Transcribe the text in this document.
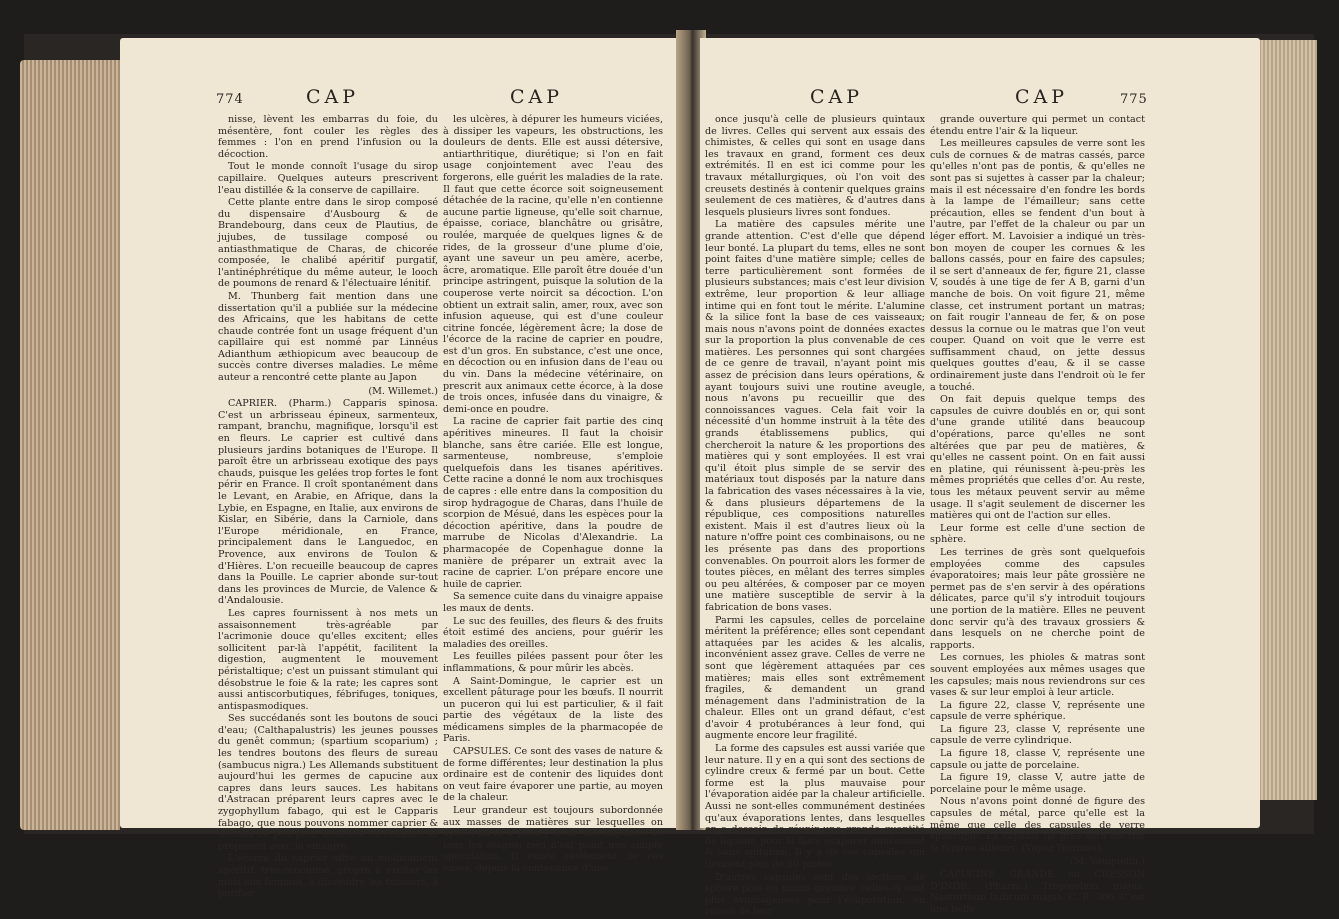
774	CAP	CAP

nisse, lèvent les embarras du foie, du mésentère, font couler les règles des femmes : l'on en prend l'infusion ou la décoction.

Tout le monde connoît l'usage du sirop capillaire. Quelques auteurs prescrivent l'eau distillée & la conserve de capillaire.

Cette plante entre dans le sirop composé du dispensaire d'Ausbourg & de Brandebourg, dans ceux de Plautius, de jujubes, de tussilage composé ou antiasthmatique de Charas, de chicorée composée, le chalibé apéritif purgatif, l'antinéphrétique du même auteur, le looch de poumons de renard & l'électuaire lénitif.

M. Thunberg fait mention dans une dissertation qu'il a publiée sur la médecine des Africains, que les habitans de cette chaude contrée font un usage fréquent d'un capillaire qui est nommé par Linnéus Adianthum æthiopicum avec beaucoup de succès contre diverses maladies. Le même auteur a rencontré cette plante au Japon

(M. Willemet.)

CAPRIER. (Pharm.) Capparis spinosa. C'est un arbrisseau épineux, sarmenteux, rampant, branchu, magnifique, lorsqu'il est en fleurs. Le caprier est cultivé dans plusieurs jardins botaniques de l'Europe. Il paroît être un arbrisseau exotique des pays chauds, puisque les gelées trop fortes le font périr en France. Il croît spontanément dans le Levant, en Arabie, en Afrique, dans la Lybie, en Espagne, en Italie, aux environs de Kislar, en Sibérie, dans la Carniole, dans l'Europe méridionale, en France, principalement dans le Languedoc, en Provence, aux environs de Toulon & d'Hières. L'on recueille beaucoup de capres dans la Pouille. Le caprier abonde sur-tout dans les provinces de Murcie, de Valence & d'Andalousie.

Les capres fournissent à nos mets un assaisonnement très-agréable par l'acrimonie douce qu'elles excitent; elles sollicitent par-là l'appétit, facilitent la digestion, augmentent le mouvement péristaltique; c'est un puissant stimulant qui désobstrue le foie & la rate; les capres sont aussi antiscorbutiques, fébrifuges, toniques, antispasmodiques.

Ses succédanés sont les boutons de souci d'eau; (Calthapalustris) les jeunes pousses du genêt commun; (spartium scoparium) ; les tendres boutons des fleurs de sureau (sambucus nigra.) Les Allemands substituent aujourd'hui les germes de capucine aux capres dans leurs sauces. Les habitans d'Astracan préparent leurs capres avec le zygophyllum fabago, qui est le Capparis fabago, que nous pouvons nommer caprier & feuilles de pourpier. Tous ces succédanés se préparent avec le vinaigre.

L'écorce du caprier offre un médicament apéritif, très-renommé, propre à exciter les mois aux femmes, à dissoudre les tumeurs, à purifier

les ulcères, à dépurer les humeurs viciées, à dissiper les vapeurs, les obstructions, les douleurs de dents. Elle est aussi détersive, antiarthritique, diurétique; si l'on en fait usage conjointement avec l'eau des forgerons, elle guérit les maladies de la rate. Il faut que cette écorce soit soigneusement détachée de la racine, qu'elle n'en contienne aucune partie ligneuse, qu'elle soit charnue, épaisse, coriace, blanchâtre ou grisâtre, roulée, marquée de quelques lignes & de rides, de la grosseur d'une plume d'oie, ayant une saveur un peu amère, acerbe, âcre, aromatique. Elle paroît être douée d'un principe astringent, puisque la solution de la couperose verte noircit sa décoction. L'on obtient un extrait salin, amer, roux, avec son infusion aqueuse, qui est d'une couleur citrine foncée, légèrement âcre; la dose de l'écorce de la racine de caprier en poudre, est d'un gros. En substance, c'est une once, en décoction ou en infusion dans de l'eau ou du vin. Dans la médecine vétérinaire, on prescrit aux animaux cette écorce, à la dose de trois onces, infusée dans du vinaigre, & demi-once en poudre.

La racine de caprier fait partie des cinq apéritives mineures. Il faut la choisir blanche, sans être cariée. Elle est longue, sarmenteuse, nombreuse, s'emploie quelquefois dans les tisanes apéritives. Cette racine a donné le nom aux trochisques de capres : elle entre dans la composition du sirop hydragogue de Charas, dans l'huile de scorpion de Mésué, dans les espèces pour la décoction apéritive, dans la poudre de marrube de Nicolas d'Alexandrie. La pharmacopée de Copenhague donne la manière de préparer un extrait avec la racine de caprier. L'on prépare encore une huile de caprier.

Sa semence cuite dans du vinaigre appaise les maux de dents.

Le suc des feuilles, des fleurs & des fruits étoit estimé des anciens, pour guérir les maladies des oreilles.

Les feuilles pilées passent pour ôter les inflammations, & pour mûrir les abcès.

A Saint-Domingue, le caprier est un excellent pâturage pour les bœufs. Il nourrit un puceron qui lui est particulier, & il fait partie des végétaux de la liste des médicamens simples de la pharmacopée de Paris.

CAPSULES. Ce sont des vases de nature & de forme différentes; leur destination la plus ordinaire est de contenir des liquides dont on veut faire évaporer une partie, au moyen de la chaleur.

Leur grandeur est toujours subordonnée aux masses de matières sur lesquelles on opère; de-là il peut y avoir des capsules de tous les étages; ceci n'est point une simple spéculation. Il existe réellement de ces vases, depuis la contenance d'une

CAP	CAP	775

once jusqu'à celle de plusieurs quintaux de livres. Celles qui servent aux essais des chimistes, & celles qui sont en usage dans les travaux en grand, forment ces deux extrémités. Il en est ici comme pour les travaux métallurgiques, où l'on voit des creusets destinés à contenir quelques grains seulement de ces matières, & d'autres dans lesquels plusieurs livres sont fondues.

La matière des capsules mérite une grande attention. C'est d'elle que dépend leur bonté. La plupart du tems, elles ne sont point faites d'une matière simple; celles de terre particulièrement sont formées de plusieurs substances; mais c'est leur division extrême, leur proportion & leur alliage intime qui en font tout le mérite. L'alumine & la silice font la base de ces vaisseaux; mais nous n'avons point de données exactes sur la proportion la plus convenable de ces matières. Les personnes qui sont chargées de ce genre de travail, n'ayant point mis assez de précision dans leurs opérations, & ayant toujours suivi une routine aveugle, nous n'avons pu recueillir que des connoissances vagues. Cela fait voir la nécessité d'un homme instruit à la tête des grands établissemens publics, qui chercheroit la nature & les proportions des matières qui y sont employées. Il est vrai qu'il étoit plus simple de se servir des matériaux tout disposés par la nature dans la fabrication des vases nécessaires à la vie, & dans plusieurs départemens de la république, ces compositions naturelles existent. Mais il est d'autres lieux où la nature n'offre point ces combinaisons, ou ne les présente pas dans des proportions convenables. On pourroit alors les former de toutes pièces, en mêlant des terres simples ou peu altérées, & composer par ce moyen une matière susceptible de servir à la fabrication de bons vases.

Parmi les capsules, celles de porcelaine méritent la préférence; elles sont cependant attaquées par les acides & les alcalis, inconvénient assez grave. Celles de verre ne sont que légèrement attaquées par ces matières; mais elles sont extrêmement fragiles, & demandent un grand ménagement dans l'administration de la chaleur. Elles ont un grand défaut, c'est d'avoir 4 protubérances à leur fond, qui augmente encore leur fragilité.

La forme des capsules est aussi variée que leur nature. Il y en a qui sont des sections de cylindre creux & fermé par un bout. Cette forme est la plus mauvaise pour l'évaporation aidée par la chaleur artificielle. Aussi ne sont-elles communément destinées qu'aux évaporations lentes, dans lesquelles on a dessein de réunir une grande quantité de liqueur, pour la faire évaporer doucement & sans agitation. Il y a de ces capsules qui tiennent plus de 50 pintes.

D'autres capsules sont des sections de sphère plus ou moins grandes: celles-ci sont plus avantageuses pour l'évaporation, en raison de leur

grande ouverture qui permet un contact étendu entre l'air & la liqueur.

Les meilleures capsules de verre sont les culs de cornues & de matras cassés, parce qu'elles n'ont pas de pontis, & qu'elles ne sont pas si sujettes à casser par la chaleur; mais il est nécessaire d'en fondre les bords à la lampe de l'émailleur; sans cette précaution, elles se fendent d'un bout à l'autre, par l'effet de la chaleur ou par un léger effort. M. Lavoisier a indiqué un très-bon moyen de couper les cornues & les ballons cassés, pour en faire des capsules; il se sert d'anneaux de fer, figure 21, classe V, soudés à une tige de fer A B, garni d'un manche de bois. On voit figure 21, même classe, cet instrument portant un matras; on fait rougir l'anneau de fer, & on pose dessus la cornue ou le matras que l'on veut couper. Quand on voit que le verre est suffisamment chaud, on jette dessus quelques gouttes d'eau, & il se casse ordinairement juste dans l'endroit où le fer a touché.

On fait depuis quelque temps des capsules de cuivre doublés en or, qui sont d'une grande utilité dans beaucoup d'opérations, parce qu'elles ne sont altérées que par peu de matières, & qu'elles ne cassent point. On en fait aussi en platine, qui réunissent à-peu-près les mêmes propriétés que celles d'or. Au reste, tous les métaux peuvent servir au même usage. Il s'agit seulement de discerner les matières qui ont de l'action sur elles.

Leur forme est celle d'une section de sphère.

Les terrines de grès sont quelquefois employées comme des capsules évaporatoires; mais leur pâte grossière ne permet pas de s'en servir à des opérations délicates, parce qu'il s'y introduit toujours une portion de la matière. Elles ne peuvent donc servir qu'à des travaux grossiers & dans lesquels on ne cherche point de rapports.

Les cornues, les phioles & matras sont souvent employées aux mêmes usages que les capsules; mais nous reviendrons sur ces vases & sur leur emploi à leur article.

La figure 22, classe V, représente une capsule de verre sphérique.

La figure 23, classe V, représente une capsule de verre cylindrique.

La figure 18, classe V, représente une capsule ou jatte de porcelaine.

La figure 19, classe V, autre jatte de porcelaine pour le même usage.

Nous n'avons point donné de figure des capsules de métal, parce qu'elle est la même que celle des capsules de verre sphérique. La capsule de grès sera décrite & figurée ailleurs. (Voyez Terrines).

(M. Vauquelin.)

CAPUCINE GRANDE ou CRESSON D'INDE. (Pharm.) Tropæolum majus. Nasturtium Indicum majus. C. B. 306. C'est une belle
